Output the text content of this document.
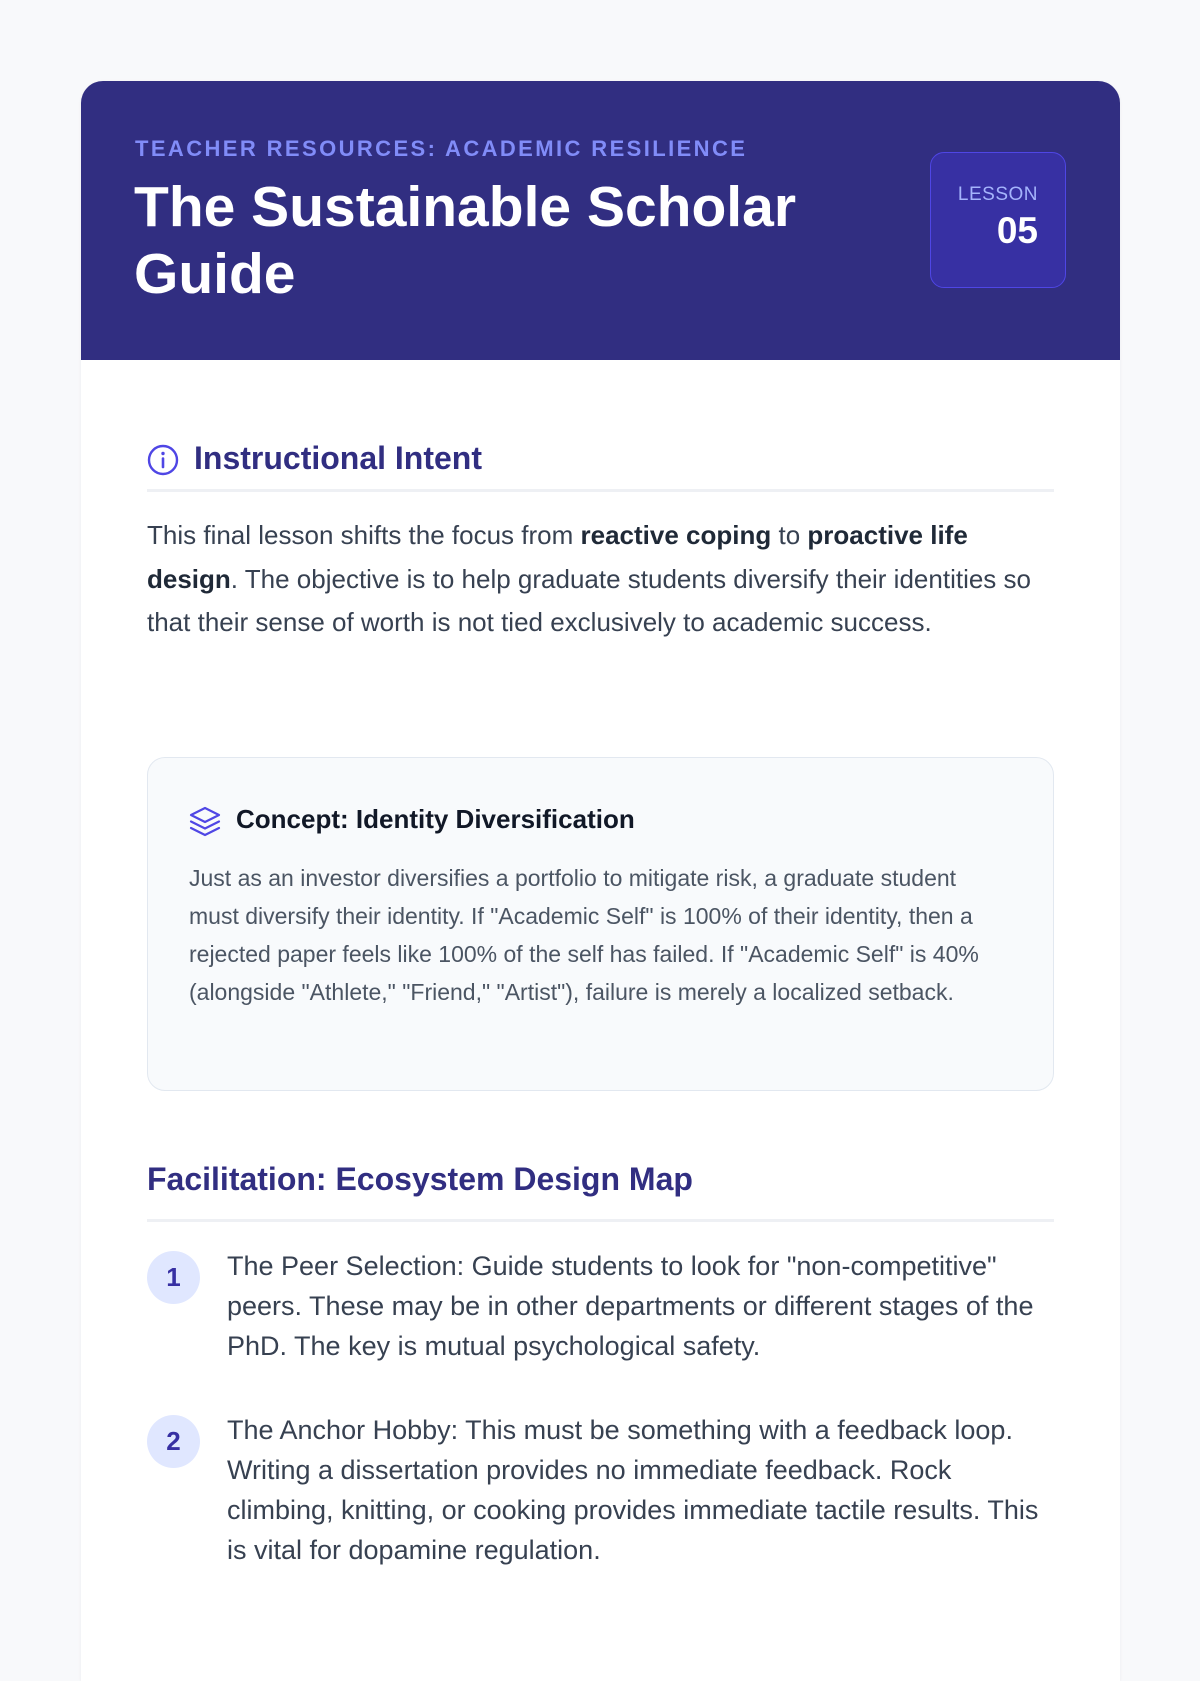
TEACHER RESOURCES: ACADEMIC RESILIENCE
The Sustainable Scholar Guide
LESSON
05
Instructional Intent

This final lesson shifts the focus from reactive coping to proactive life design. The objective is to help graduate students diversify their identities so that their sense of worth is not tied exclusively to academic success.

Concept: Identity Diversification

Just as an investor diversifies a portfolio to mitigate risk, a graduate student must diversify their identity. If "Academic Self" is 100% of their identity, then a rejected paper feels like 100% of the self has failed. If "Academic Self" is 40% (alongside "Athlete," "Friend," "Artist"), failure is merely a localized setback.

Facilitation: Ecosystem Design Map
1	The Peer Selection: Guide students to look for "non-competitive" peers. These may be in other departments or different stages of the PhD. The key is mutual psychological safety.

2	The Anchor Hobby: This must be something with a feedback loop. Writing a dissertation provides no immediate feedback. Rock climbing, knitting, or cooking provides immediate tactile results. This is vital for dopamine regulation.
